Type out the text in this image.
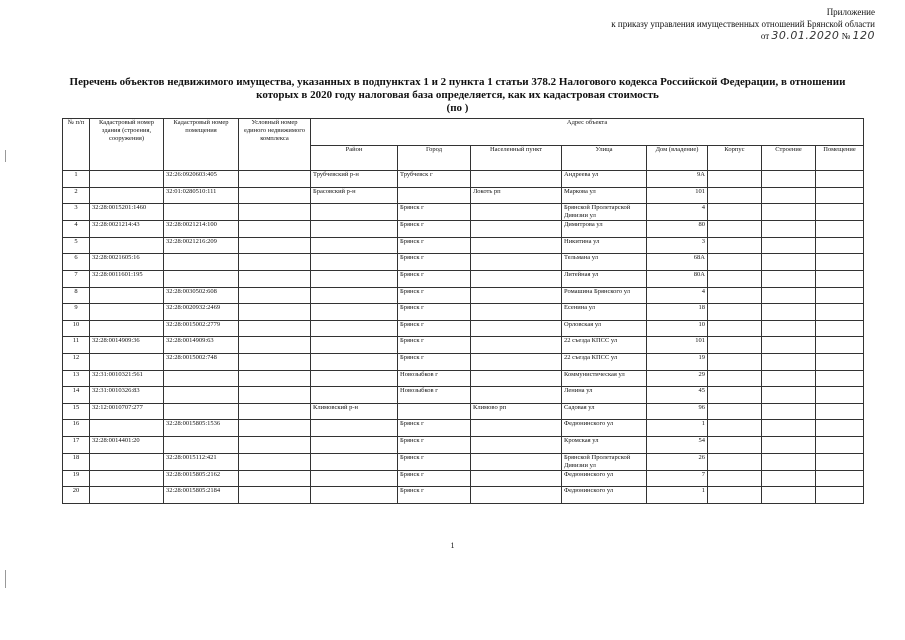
Приложение
к приказу управления имущественных отношений Брянской области
от 30.01.2020 № 120
Перечень объектов недвижимого имущества, указанных в подпунктах 1 и 2 пункта 1 статьи 378.2 Налогового кодекса Российской Федерации, в отношении
которых в 2020 году налоговая база определяется, как их кадастровая стоимость
(по )
№ п/п	Кадастровый номер здания (строения, сооружения)	Кадастровый номер помещения	Условный номер единого недвижимого комплекса	Адрес объекта							
				Район	Город	Населенный пункт	Улица	Дом (владение)	Корпус	Строение	Помещение
1		32:26:0920603:405		Трубчевский р-н	Трубчевск г		Андреева ул	9А			
2		32:01:0280510:111		Брасовский р-н		Локоть рп	Маркова ул	101			
3	32:28:0015201:1460				Брянск г		Брянской Пролетарской Дивизии ул	4			
4	32:28:0021214:43	32:28:0021214:100			Брянск г		Димитрова ул	80			
5		32:28:0021216:209			Брянск г		Никитина ул	3			
6	32:28:0021605:16				Брянск г		Тельмана ул	68А			
7	32:28:0011601:195				Брянск г		Литейная ул	80А			
8		32:28:0030502:608			Брянск г		Ромашина Брянского ул	4			
9		32:28:0020932:2469			Брянск г		Есенина ул	18			
10		32:28:0015002:2779			Брянск г		Орловская ул	10			
11	32:28:0014909:36	32:28:0014909:63			Брянск г		22 съезда КПСС ул	101			
12		32:28:0015002:748			Брянск г		22 съезда КПСС ул	19			
13	32:31:0010321:561				Новозыбков г		Коммунистическая ул	29			
14	32:31:0010326:83				Новозыбков г		Ленина ул	45			
15	32:12:0010707:277			Климовский р-н		Климово рп	Садовая ул	96			
16		32:28:0015805:1536			Брянск г		Федюнинского ул	1			
17	32:28:0014401:20				Брянск г		Кромская ул	54			
18		32:28:0015112:421			Брянск г		Брянской Пролетарской Дивизии ул	26			
19		32:28:0015805:2162			Брянск г		Федюнинского ул	7			
20		32:28:0015805:2184			Брянск г		Федюнинского ул	1			
1
